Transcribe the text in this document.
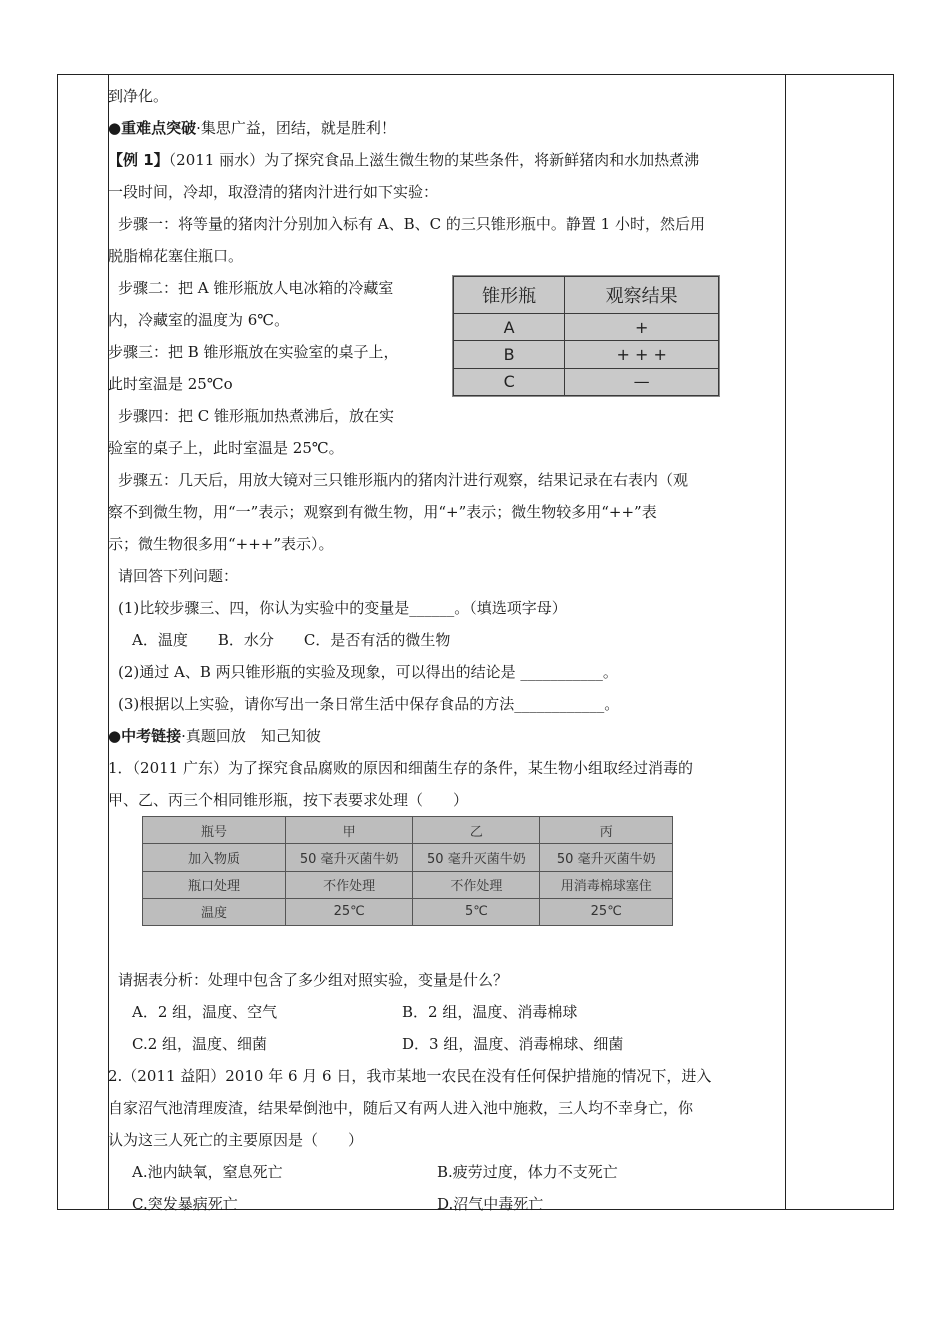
到净化。
●重难点突破·集思广益，团结，就是胜利！
【例 1】（2011 丽水）为了探究食品上滋生微生物的某些条件，将新鲜猪肉和水加热煮沸
一段时间，冷却，取澄清的猪肉汁进行如下实验：
步骤一：将等量的猪肉汁分别加入标有 A、B、C 的三只锥形瓶中。静置 1 小时，然后用
脱脂棉花塞住瓶口。
步骤二：把 A 锥形瓶放人电冰箱的冷藏室
内，冷藏室的温度为 6℃。
步骤三：把 B 锥形瓶放在实验室的桌子上，
此时室温是 25℃o
步骤四：把 C 锥形瓶加热煮沸后，放在实
验室的桌子上，此时室温是 25℃。
步骤五：几天后，用放大镜对三只锥形瓶内的猪肉汁进行观察，结果记录在右表内（观
察不到微生物，用“一”表示；观察到有微生物，用“+”表示；微生物较多用“++”表
示；微生物很多用“+++”表示）。
请回答下列问题：
(1)比较步骤三、四，你认为实验中的变量是______。（填选项字母）
A．温度　　B．水分　　C．是否有活的微生物
(2)通过 A、B 两只锥形瓶的实验及现象，可以得出的结论是 ___________。
(3)根据以上实验，请你写出一条日常生活中保存食品的方法____________。
●中考链接·真题回放　知己知彼
1．（2011 广东）为了探究食品腐败的原因和细菌生存的条件，某生物小组取经过消毒的
甲、乙、丙三个相同锥形瓶，按下表要求处理（　　）
请据表分析：处理中包含了多少组对照实验，变量是什么？
A．2 组，温度、空气	B．2 组，温度、消毒棉球
C.2 组，温度、细菌	D．3 组，温度、消毒棉球、细菌
2.（2011 益阳）2010 年 6 月 6 日，我市某地一农民在没有任何保护措施的情况下，进入
自家沼气池清理废渣，结果晕倒池中，随后又有两人进入池中施救，三人均不幸身亡，你
认为这三人死亡的主要原因是（　　）
A.池内缺氧，窒息死亡	B.疲劳过度，体力不支死亡
C.突发暴病死亡	D.沼气中毒死亡
锥形瓶	观察结果
A	+
B	+ + +
C	—
瓶号	甲	乙	丙
加入物质	50 毫升灭菌牛奶	50 毫升灭菌牛奶	50 毫升灭菌牛奶
瓶口处理	不作处理	不作处理	用消毒棉球塞住
温度	25℃	5℃	25℃
